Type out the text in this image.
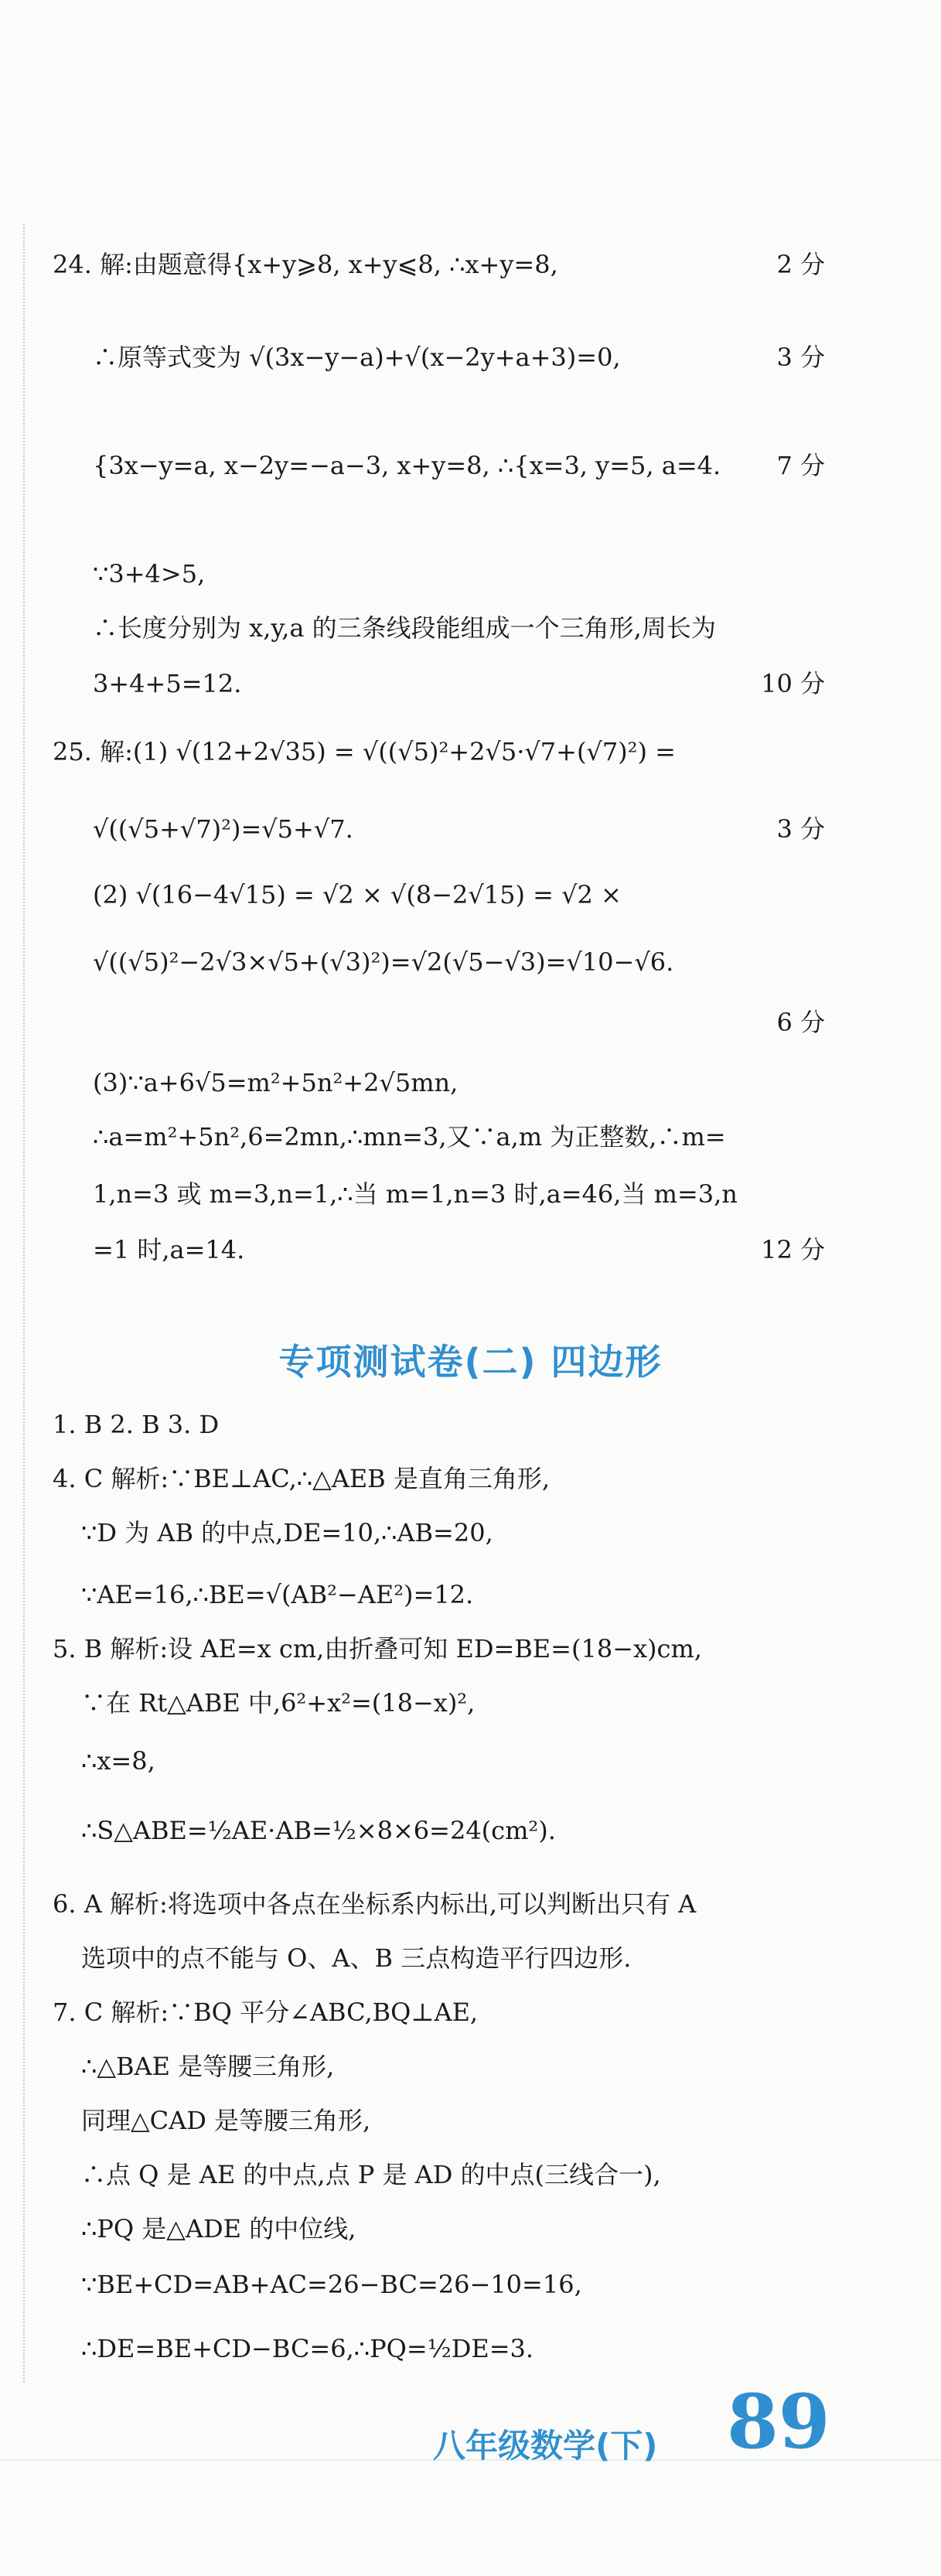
24. 解:由题意得{x+y⩾8, x+y⩽8, ∴x+y=8,	2 分
∴原等式变为 √(3x−y−a)+√(x−2y+a+3)=0,	3 分
{3x−y=a, x−2y=−a−3, x+y=8, ∴{x=3, y=5, a=4.	7 分
∵3+4>5,
∴长度分别为 x,y,a 的三条线段能组成一个三角形,周长为
3+4+5=12.	10 分
25. 解:(1) √(12+2√35) = √((√5)²+2√5·√7+(√7)²) =
√((√5+√7)²)=√5+√7.	3 分
(2) √(16−4√15) = √2 × √(8−2√15) = √2 ×
√((√5)²−2√3×√5+(√3)²)=√2(√5−√3)=√10−√6.
6 分
(3)∵a+6√5=m²+5n²+2√5mn,
∴a=m²+5n²,6=2mn,∴mn=3,又∵a,m 为正整数,∴m=
1,n=3 或 m=3,n=1,∴当 m=1,n=3 时,a=46,当 m=3,n
=1 时,a=14.	12 分
专项测试卷(二) 四边形
1. B 2. B 3. D
4. C 解析:∵BE⊥AC,∴△AEB 是直角三角形,
∵D 为 AB 的中点,DE=10,∴AB=20,
∵AE=16,∴BE=√(AB²−AE²)=12.
5. B 解析:设 AE=x cm,由折叠可知 ED=BE=(18−x)cm,
∵在 Rt△ABE 中,6²+x²=(18−x)²,
∴x=8,
∴S△ABE=½AE·AB=½×8×6=24(cm²).
6. A 解析:将选项中各点在坐标系内标出,可以判断出只有 A
选项中的点不能与 O、A、B 三点构造平行四边形.
7. C 解析:∵BQ 平分∠ABC,BQ⊥AE,
∴△BAE 是等腰三角形,
同理△CAD 是等腰三角形,
∴点 Q 是 AE 的中点,点 P 是 AD 的中点(三线合一),
∴PQ 是△ADE 的中位线,
∵BE+CD=AB+AC=26−BC=26−10=16,
∴DE=BE+CD−BC=6,∴PQ=½DE=3.
八年级数学(下) 89
